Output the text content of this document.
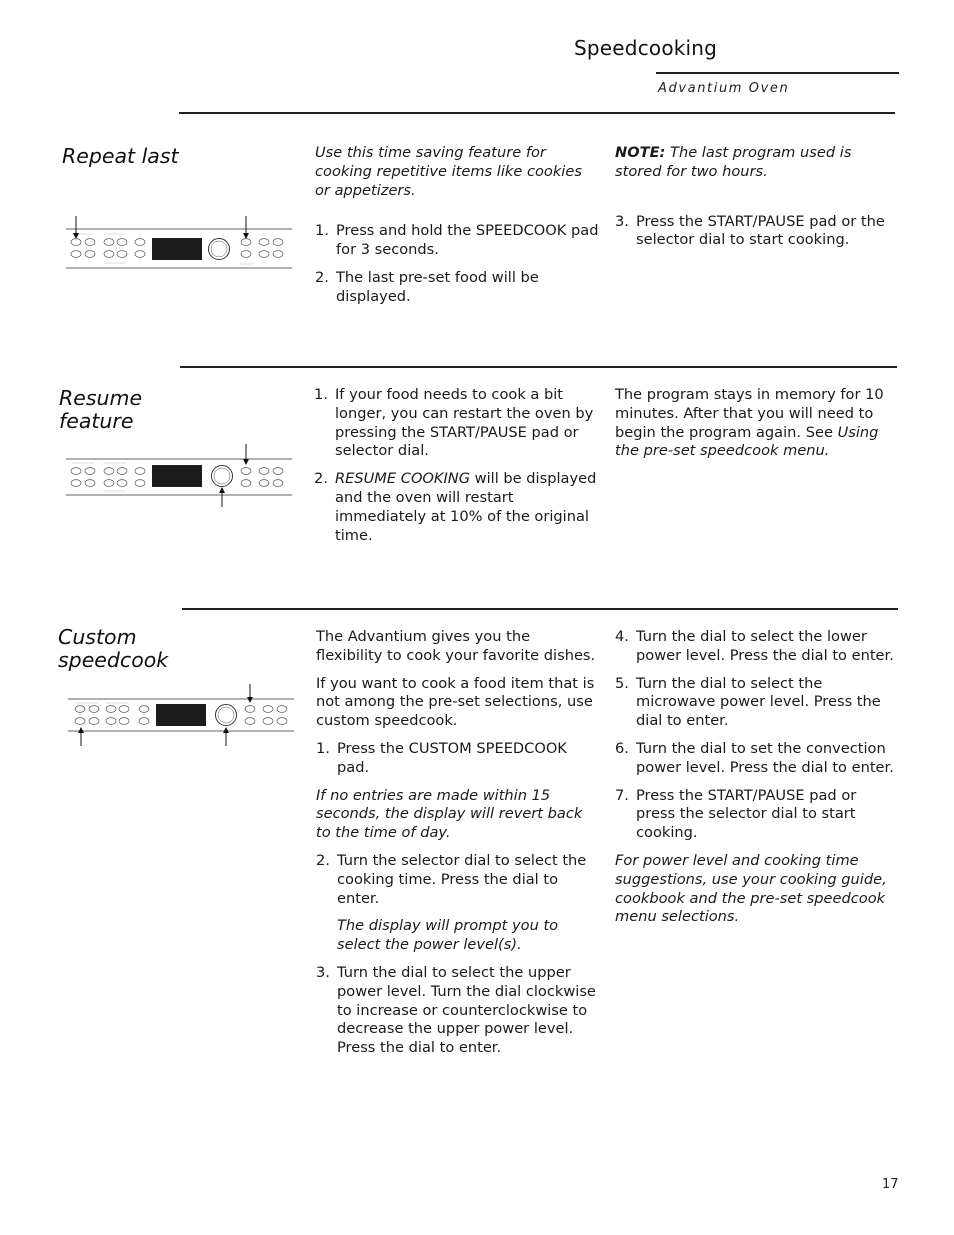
Speedcooking
Advantium Oven
Repeat last	Use this time saving feature for cooking repetitive items like cookies or appetizers.

1. Press and hold the SPEEDCOOK pad for 3 seconds.
2. The last pre-set food will be displayed.

NOTE: The last program used is stored for two hours.

3. Press the START/PAUSE pad or the selector dial to start cooking.
Resume
feature
1. If your food needs to cook a bit longer, you can restart the oven by pressing the START/PAUSE pad or selector dial.
2. RESUME COOKING will be displayed and the oven will restart immediately at 10% of the original time.

The program stays in memory for 10 minutes. After that you will need to begin the program again. See Using the pre-set speedcook menu.

Custom
speedcook

The Advantium gives you the flexibility to cook your favorite dishes.

If you want to cook a food item that is not among the pre-set selections, use custom speedcook.

1. Press the CUSTOM SPEEDCOOK pad.

If no entries are made within 15 seconds, the display will revert back to the time of day.

2. Turn the selector dial to select the cooking time. Press the dial to enter.
The display will prompt you to select the power level(s).
3. Turn the dial to select the upper power level. Turn the dial clockwise to increase or counterclockwise to decrease the upper power level. Press the dial to enter.
4. Turn the dial to select the lower power level. Press the dial to enter.
5. Turn the dial to select the microwave power level. Press the dial to enter.
6. Turn the dial to set the convection power level. Press the dial to enter.
7. Press the START/PAUSE pad or press the selector dial to start cooking.

For power level and cooking time suggestions, use your cooking guide, cookbook and the pre-set speedcook menu selections.

17
